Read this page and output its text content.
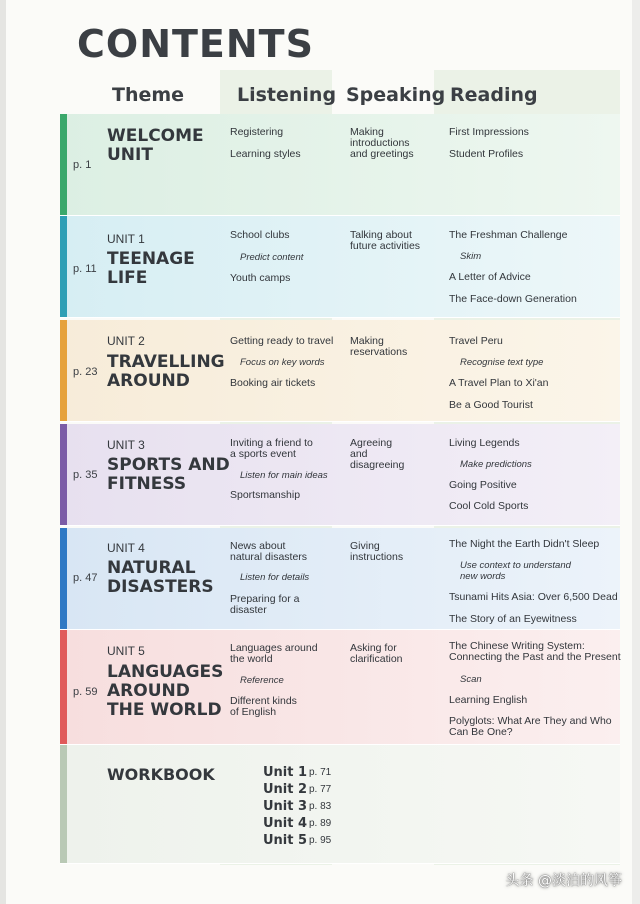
CONTENTS
Theme	Listening Speaking Reading
p. 1
WELCOME
UNIT
Registering
Learning styles
Making introductions and greetings
First Impressions
Student Profiles
p. 11
UNIT 1
TEENAGE
LIFE
School clubs
Predict content
Youth camps
Talking about future activities
The Freshman Challenge
Skim
A Letter of Advice
The Face-down Generation
p. 23
UNIT 2
TRAVELLING
AROUND
Getting ready to travel
Focus on key words
Booking air tickets
Making reservations
Travel Peru
Recognise text type
A Travel Plan to Xi'an
Be a Good Tourist
p. 35
UNIT 3
SPORTS AND
FITNESS
Inviting a friend to a sports event
Listen for main ideas
Sportsmanship
Agreeing and disagreeing
Living Legends
Make predictions
Going Positive
Cool Cold Sports
p. 47
UNIT 4
NATURAL
DISASTERS
News about natural disasters
Listen for details
Preparing for a disaster
Giving instructions
The Night the Earth Didn't Sleep
Use context to understand new words
Tsunami Hits Asia: Over 6,500 Dead
The Story of an Eyewitness
p. 59
UNIT 5
LANGUAGES
AROUND
THE WORLD
Languages around the world
Reference
Different kinds of English
Asking for clarification
The Chinese Writing System: Connecting the Past and the Present
Scan
Learning English
Polyglots: What Are They and Who Can Be One?
WORKBOOK	Unit 1 p. 71
Unit 2 p. 77
Unit 3 p. 83
Unit 4 p. 89
Unit 5 p. 95
头条 @淡泊的风筝
